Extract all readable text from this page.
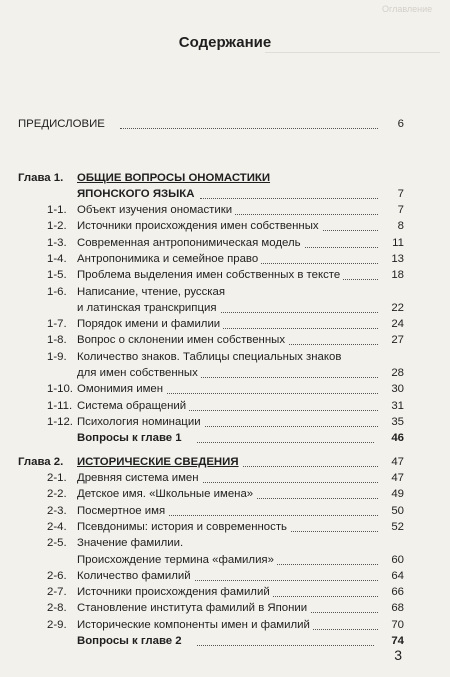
Оглавление
Содержание
ПРЕДИСЛОВИЕ	6
Глава 1. ОБЩИЕ ВОПРОСЫ ОНОМАСТИКИ
ЯПОНСКОГО ЯЗЫКА	7
1-1. Объект изучения ономастики	7
1-2. Источники происхождения имен собственных	8
1-3. Современная антропонимическая модель	11
1-4. Антропонимика и семейное право	13
1-5. Проблема выделения имен собственных в тексте	18
1-6. Написание, чтение, русская
и латинская транскрипция	22
1-7. Порядок имени и фамилии	24
1-8. Вопрос о склонении имен собственных	27
1-9. Количество знаков. Таблицы специальных знаков
для имен собственных	28
1-10. Омонимия имен	30
1-11. Система обращений	31
1-12. Психология номинации	35
Вопросы к главе 1	46
Глава 2. ИСТОРИЧЕСКИЕ СВЕДЕНИЯ	47
2-1. Древняя система имен	47
2-2. Детское имя. «Школьные имена»	49
2-3. Посмертное имя	50
2-4. Псевдонимы: история и современность	52
2-5. Значение фамилии.
Происхождение термина «фамилия»	60
2-6. Количество фамилий	64
2-7. Источники происхождения фамилий	66
2-8. Становление института фамилий в Японии	68
2-9. Исторические компоненты имен и фамилий	70
Вопросы к главе 2	74
3
